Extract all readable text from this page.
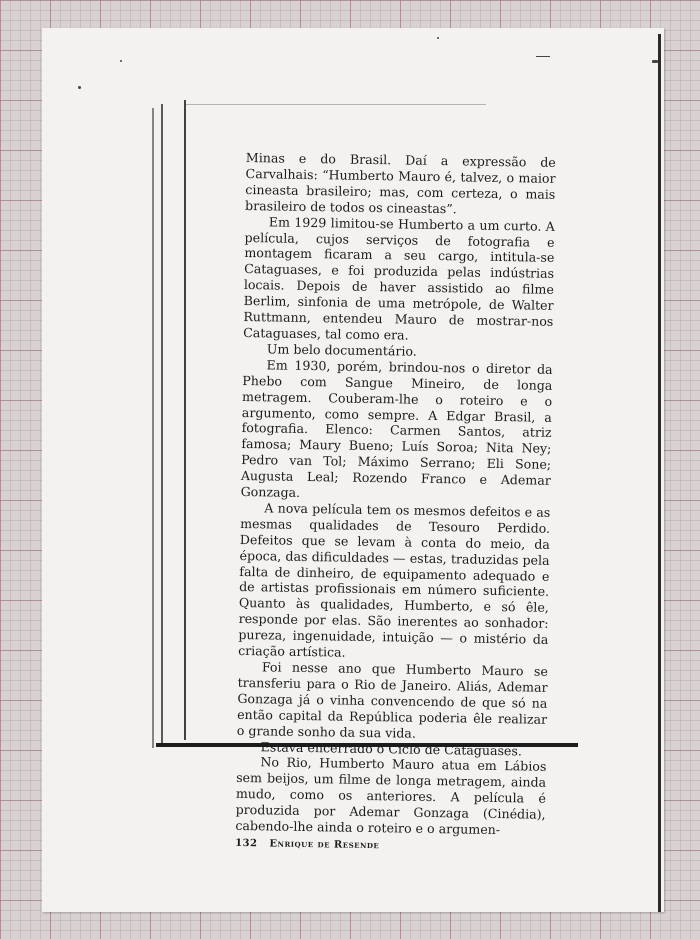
Minas e do Brasil. Daí a expressão de Carvalhais: “Humberto Mauro é, talvez, o maior cineasta brasileiro; mas, com certeza, o mais brasileiro de todos os cineastas”.

Em 1929 limitou-se Humberto a um curto. A película, cujos serviços de fotografia e montagem ficaram a seu cargo, intitula-se Cataguases, e foi produzida pelas indústrias locais. Depois de haver assistido ao filme Berlim, sinfonia de uma metrópole, de Walter Ruttmann, entendeu Mauro de mostrar-nos Cataguases, tal como era.

Um belo documentário.

Em 1930, porém, brindou-nos o diretor da Phebo com Sangue Mineiro, de longa metragem. Couberam-lhe o roteiro e o argumento, como sempre. A Edgar Brasil, a fotografia. Elenco: Carmen Santos, atriz famosa; Maury Bueno; Luís Soroa; Nita Ney; Pedro van Tol; Máximo Serrano; Eli Sone; Augusta Leal; Rozendo Franco e Ademar Gonzaga.

A nova película tem os mesmos defeitos e as mesmas qualidades de Tesouro Perdido. Defeitos que se levam à conta do meio, da época, das dificuldades — estas, traduzidas pela falta de dinheiro, de equipamento adequado e de artistas profissionais em número suficiente. Quanto às qualidades, Humberto, e só êle, responde por elas. São inerentes ao sonhador: pureza, ingenuidade, intuição — o mistério da criação artística.

Foi nesse ano que Humberto Mauro se transferiu para o Rio de Janeiro. Aliás, Ademar Gonzaga já o vinha convencendo de que só na então capital da República poderia êle realizar o grande sonho da sua vida.

Estava encerrado o Ciclo de Cataguases.

No Rio, Humberto Mauro atua em Lábios sem beijos, um filme de longa metragem, ainda mudo, como os anteriores. A película é produzida por Ademar Gonzaga (Cinédia), cabendo-lhe ainda o roteiro e o argumen-

132 Enrique de Resende
